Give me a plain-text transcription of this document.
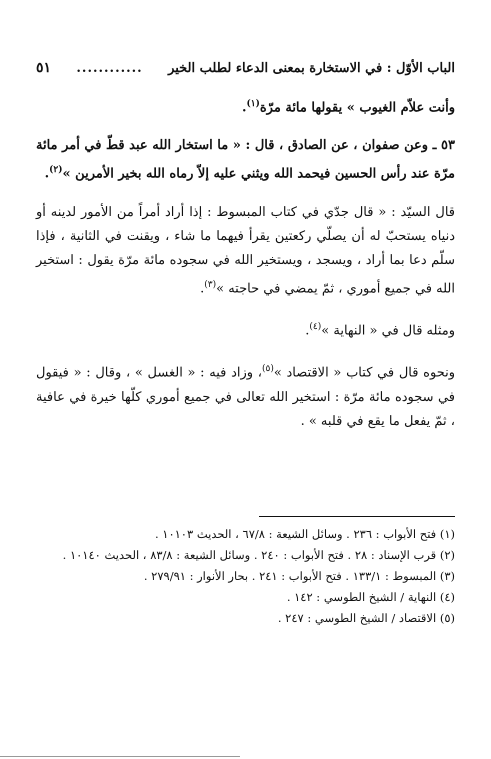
٥١	............	الباب الأوّل : في الاستخارة بمعنى الدعاء لطلب الخير

وأنت علاّم الغيوب » يقولها مائة مرّة$^{(١)}$.

٥٣ ـ وعن صفوان ، عن الصادق ، قال : « ما استخار الله عبد قطّ في أمر مائة مرّة عند رأس الحسين فيحمد الله ويثني عليه إلاّ رماه الله بخير الأمرين »$^{(٢)}$.

قال السيّد : « قال جدّي في كتاب المبسوط : إذا أراد أمراً من الأمور لدينه أو دنياه يستحبّ له أن يصلّي ركعتين يقرأ فيهما ما شاء ، ويقنت في الثانية ، فإذا سلّم دعا بما أراد ، ويسجد ، ويستخير الله في سجوده مائة مرّة يقول : استخير الله في جميع أموري ، ثمّ يمضي في حاجته »$^{(٣)}$.

ومثله قال في « النهاية »$^{(٤)}$.

ونحوه قال في كتاب « الاقتصاد »$^{(٥)}$، وزاد فيه : « الغسل » ، وقال : « فيقول في سجوده مائة مرّة : استخير الله تعالى في جميع أموري كلّها خيرة في عافية ، ثمّ يفعل ما يقع في قلبه » .

(١) فتح الأبواب : ٢٣٦ . وسائل الشيعة : ٦٧/٨ ، الحديث ١٠١٠٣ .

(٢) قرب الإسناد : ٢٨ . فتح الأبواب : ٢٤٠ . وسائل الشيعة : ٨٣/٨ ، الحديث ١٠١٤٠ .

(٣) المبسوط : ١٣٣/١ . فتح الأبواب : ٢٤١ . بحار الأنوار : ٢٧٩/٩١ .

(٤) النهاية / الشيخ الطوسي : ١٤٢ .

(٥) الاقتصاد / الشيخ الطوسي : ٢٤٧ .
